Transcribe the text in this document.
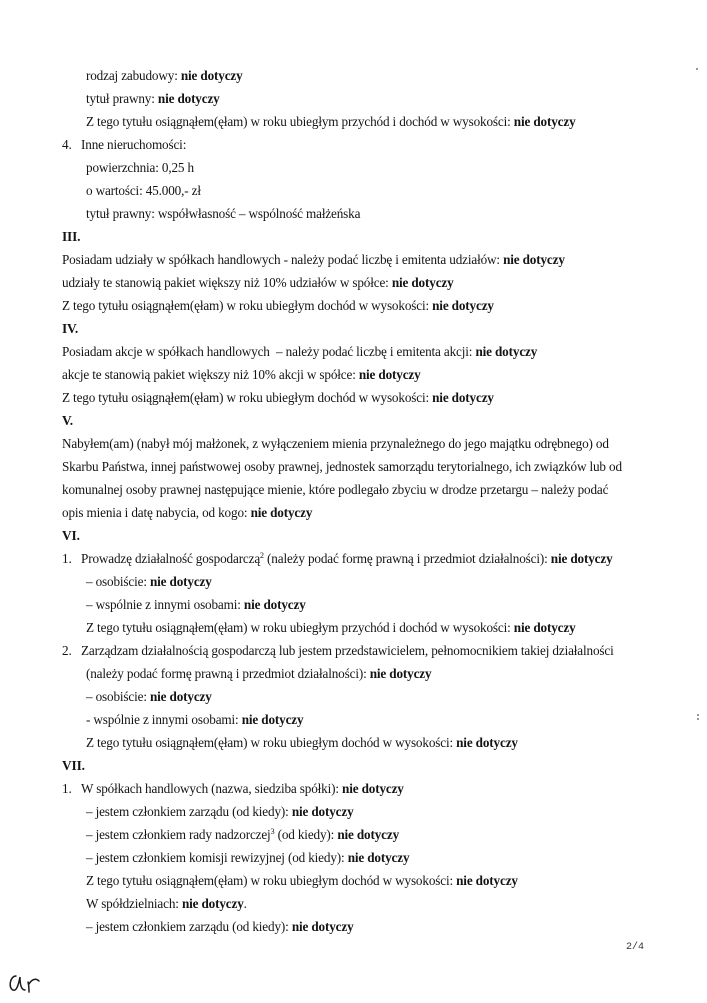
rodzaj zabudowy: nie dotyczy
tytuł prawny: nie dotyczy
Z tego tytułu osiągnąłem(ęłam) w roku ubiegłym przychód i dochód w wysokości: nie dotyczy
4.   Inne nieruchomości:
powierzchnia: 0,25 h
o wartości: 45.000,- zł
tytuł prawny: współwłasność – wspólność małżeńska
III.
Posiadam udziały w spółkach handlowych - należy podać liczbę i emitenta udziałów: nie dotyczy
udziały te stanowią pakiet większy niż 10% udziałów w spółce: nie dotyczy
Z tego tytułu osiągnąłem(ęłam) w roku ubiegłym dochód w wysokości: nie dotyczy
IV.
Posiadam akcje w spółkach handlowych  – należy podać liczbę i emitenta akcji: nie dotyczy
akcje te stanowią pakiet większy niż 10% akcji w spółce: nie dotyczy
Z tego tytułu osiągnąłem(ęłam) w roku ubiegłym dochód w wysokości: nie dotyczy
V.
Nabyłem(am) (nabył mój małżonek, z wyłączeniem mienia przynależnego do jego majątku odrębnego) od
Skarbu Państwa, innej państwowej osoby prawnej, jednostek samorządu terytorialnego, ich związków lub od
komunalnej osoby prawnej następujące mienie, które podlegało zbyciu w drodze przetargu – należy podać
opis mienia i datę nabycia, od kogo: nie dotyczy
VI.
1.   Prowadzę działalność gospodarczą$^2$ (należy podać formę prawną i przedmiot działalności): nie dotyczy
– osobiście: nie dotyczy
– wspólnie z innymi osobami: nie dotyczy
Z tego tytułu osiągnąłem(ęłam) w roku ubiegłym przychód i dochód w wysokości: nie dotyczy
2.   Zarządzam działalnością gospodarczą lub jestem przedstawicielem, pełnomocnikiem takiej działalności
(należy podać formę prawną i przedmiot działalności): nie dotyczy
– osobiście: nie dotyczy
- wspólnie z innymi osobami: nie dotyczy
Z tego tytułu osiągnąłem(ęłam) w roku ubiegłym dochód w wysokości: nie dotyczy
VII.
1.   W spółkach handlowych (nazwa, siedziba spółki): nie dotyczy
– jestem członkiem zarządu (od kiedy): nie dotyczy
– jestem członkiem rady nadzorczej$^3$ (od kiedy): nie dotyczy
– jestem członkiem komisji rewizyjnej (od kiedy): nie dotyczy
Z tego tytułu osiągnąłem(ęłam) w roku ubiegłym dochód w wysokości: nie dotyczy
W spółdzielniach: nie dotyczy.
– jestem członkiem zarządu (od kiedy): nie dotyczy
2/4
